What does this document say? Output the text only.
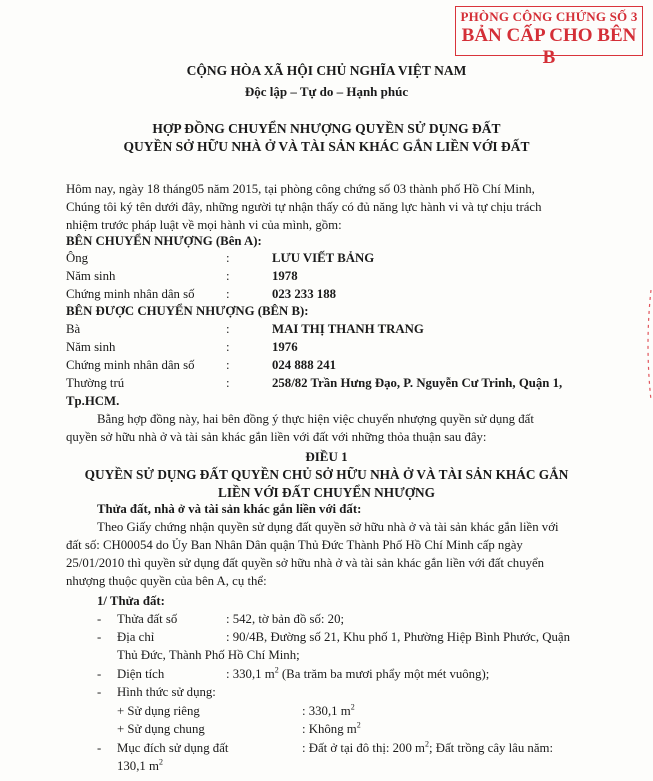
PHÒNG CÔNG CHỨNG SỐ 3
BẢN CẤP CHO BÊN B
CỘNG HÒA XÃ HỘI CHỦ NGHĨA VIỆT NAM
Độc lập – Tự do – Hạnh phúc
HỢP ĐỒNG CHUYỂN NHƯỢNG QUYỀN SỬ DỤNG ĐẤT
QUYỀN SỞ HỮU NHÀ Ở VÀ TÀI SẢN KHÁC GẮN LIỀN VỚI ĐẤT
Hôm nay, ngày 18 tháng05 năm 2015, tại phòng công chứng số 03 thành phố Hồ Chí Minh,
Chúng tôi ký tên dưới đây, những người tự nhận thấy có đủ năng lực hành vi và tự chịu trách
nhiệm trước pháp luật về mọi hành vi của mình, gồm:
BÊN CHUYỂN NHƯỢNG (Bên A):
Ông	:	LƯU VIẾT BẢNG
Năm sinh	:	1978
Chứng minh nhân dân số :	023 233 188
BÊN ĐƯỢC CHUYỂN NHƯỢNG (BÊN B):
Bà	:	MAI THỊ THANH TRANG
Năm sinh	:	1976
Chứng minh nhân dân số :	024 888 241
Thường trú	:	258/82 Trần Hưng Đạo, P. Nguyễn Cư Trinh, Quận 1,
Tp.HCM.
Bằng hợp đồng này, hai bên đồng ý thực hiện việc chuyển nhượng quyền sử dụng đất
quyền sở hữu nhà ở và tài sản khác gắn liền với đất với những thỏa thuận sau đây:
ĐIỀU 1
QUYỀN SỬ DỤNG ĐẤT QUYỀN CHỦ SỞ HỮU NHÀ Ở VÀ TÀI SẢN KHÁC GẮN
LIỀN VỚI ĐẤT CHUYỂN NHƯỢNG
Thửa đất, nhà ở và tài sản khác gắn liền với đất:
Theo Giấy chứng nhận quyền sử dụng đất quyền sở hữu nhà ở và tài sản khác gắn liền với
đất số: CH00054 do Ủy Ban Nhân Dân quận Thủ Đức Thành Phố Hồ Chí Minh cấp ngày
25/01/2010 thì quyền sử dụng đất quyền sở hữu nhà ở và tài sản khác gắn liền với đất chuyển
nhượng thuộc quyền của bên A, cụ thể:
1/ Thửa đất:
- Thửa đất số	: 542, tờ bản đồ số: 20;
- Địa chỉ	: 90/4B, Đường số 21, Khu phố 1, Phường Hiệp Bình Phước, Quận
Thủ Đức, Thành Phố Hồ Chí Minh;
- Diện tích	: 330,1 $m^2$ (Ba trăm ba mươi phẩy một mét vuông);
- Hình thức sử dụng:
+ Sử dụng riêng	: 330,1 $m^2$
+ Sử dụng chung	: Không $m^2$
- Mục đích sử dụng đất	: Đất ở tại đô thị: 200 $m^2$; Đất trồng cây lâu năm:
130,1 $m^2$
